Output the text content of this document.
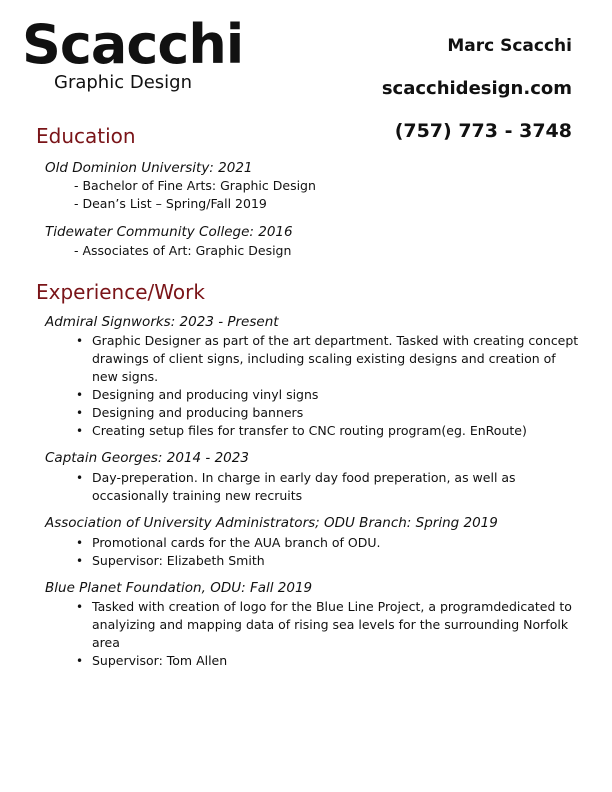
Scacchi
Graphic Design
Marc Scacchi
scacchidesign.com
(757) 773 - 3748
Education
Old Dominion University: 2021
- Bachelor of Fine Arts: Graphic Design
- Dean’s List – Spring/Fall 2019
Tidewater Community College: 2016
- Associates of Art: Graphic Design
Experience/Work
Admiral Signworks: 2023 - Present
• Graphic Designer as part of the art department. Tasked with creating concept drawings of client signs, including scaling existing designs and creation of new signs.
• Designing and producing vinyl signs
• Designing and producing banners
• Creating setup files for transfer to CNC routing program(eg. EnRoute)
Captain Georges: 2014 - 2023
• Day-preperation. In charge in early day food preperation, as well as occasionally training new recruits
Association of University Administrators; ODU Branch: Spring 2019
• Promotional cards for the AUA branch of ODU.
• Supervisor: Elizabeth Smith
Blue Planet Foundation, ODU: Fall 2019
• Tasked with creation of logo for the Blue Line Project, a programdedicated to analyizing and mapping data of rising sea levels for the surrounding Norfolk area
• Supervisor: Tom Allen
